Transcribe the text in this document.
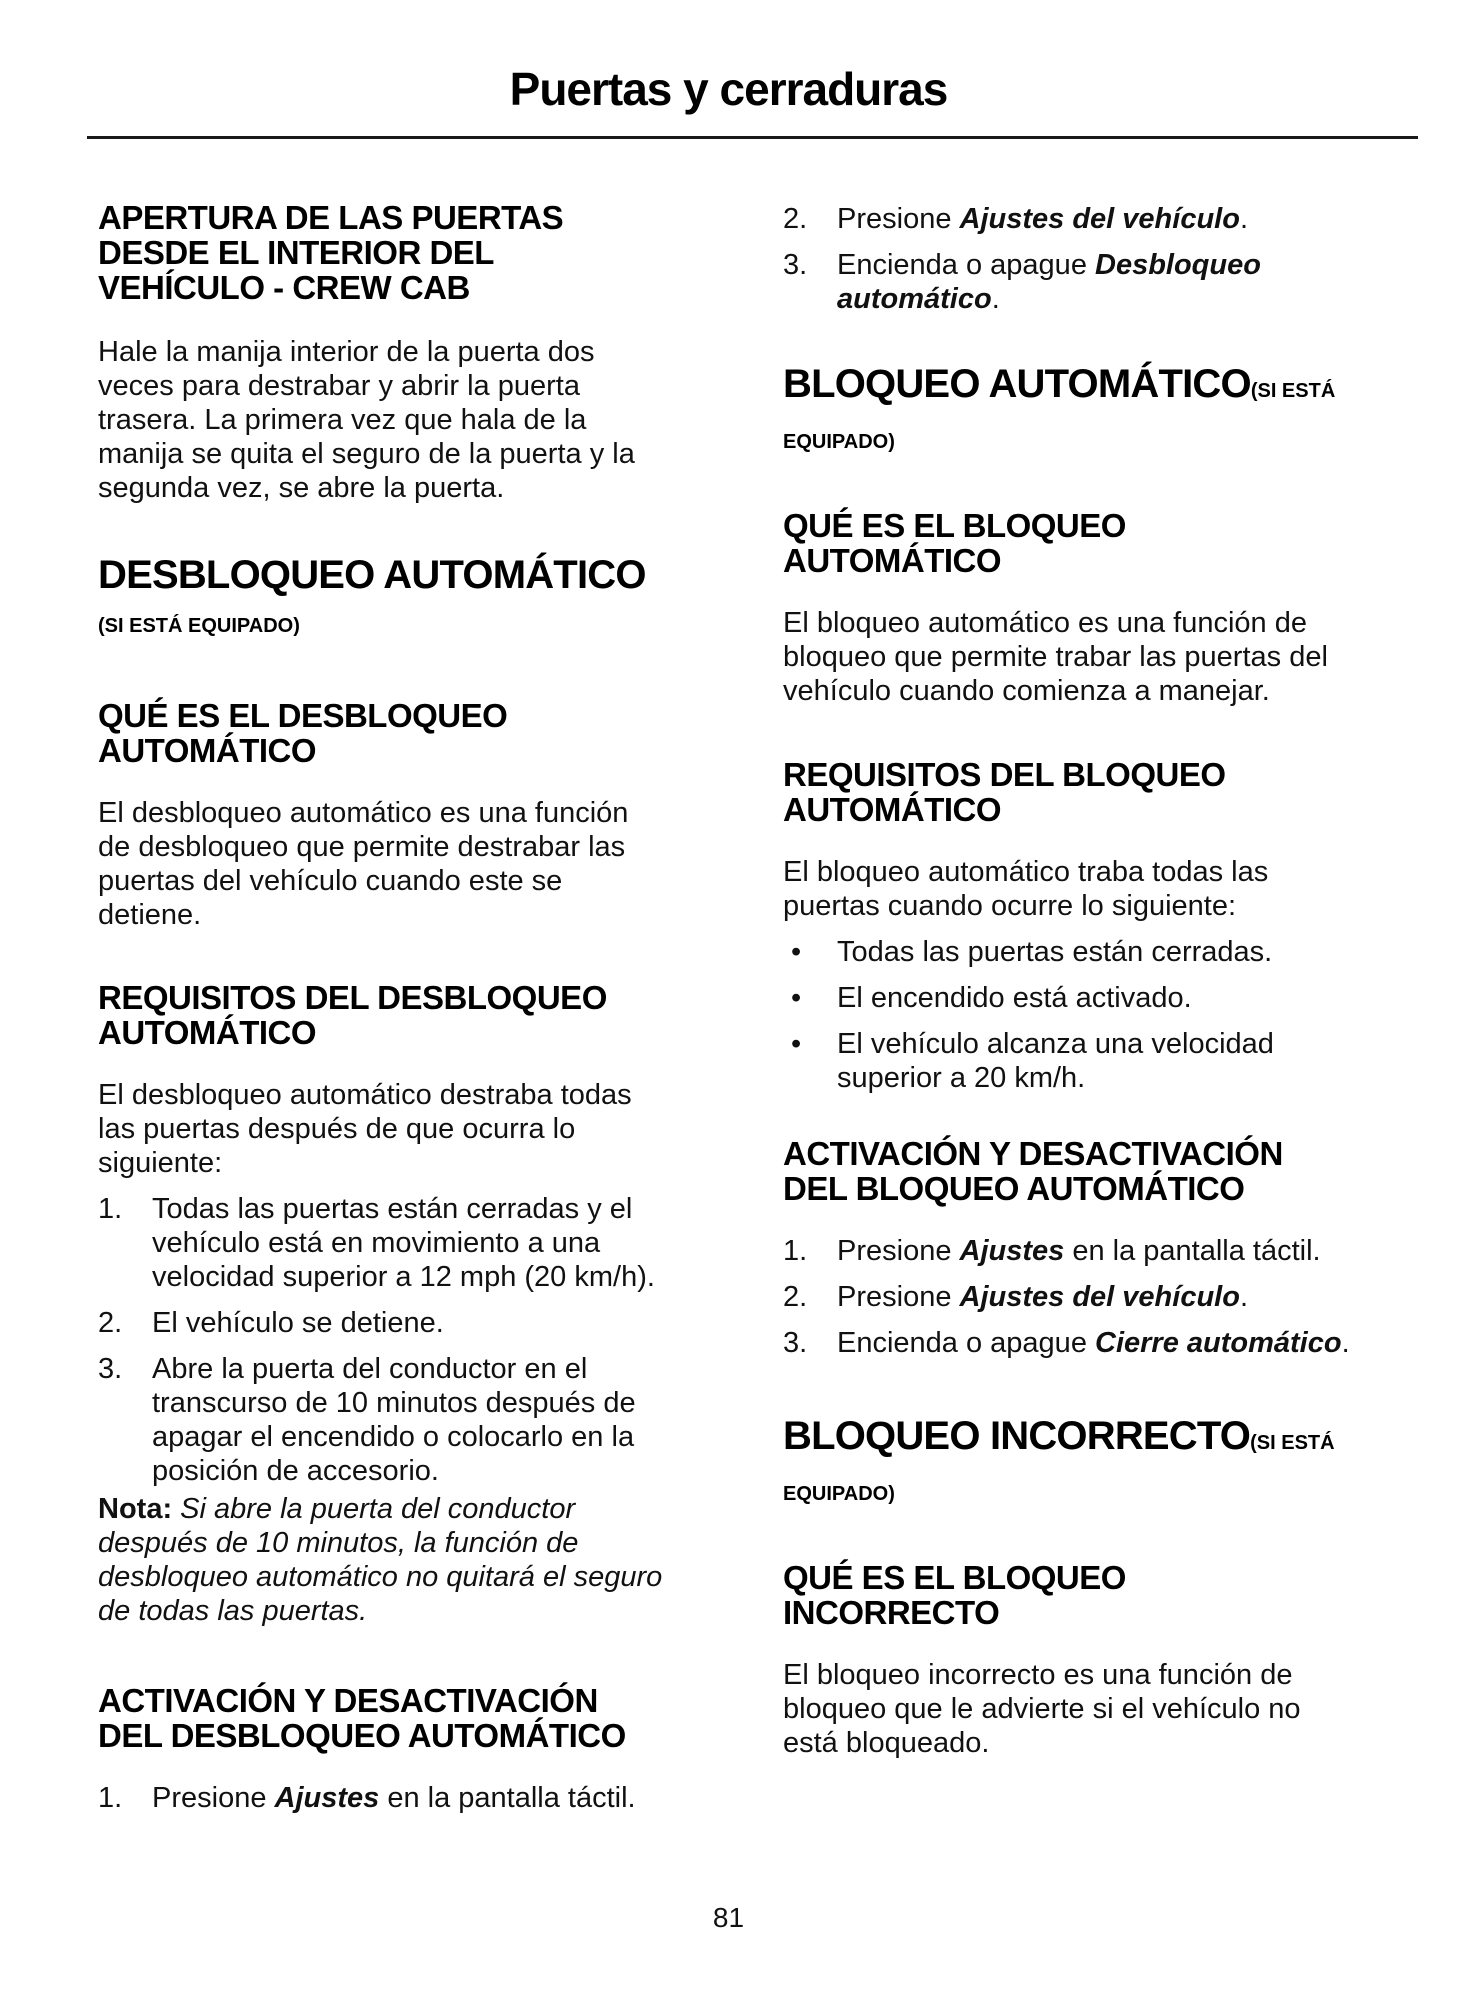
Puertas y cerraduras
APERTURA DE LAS PUERTAS
DESDE EL INTERIOR DEL
VEHÍCULO - CREW CAB

Hale la manija interior de la puerta dos
veces para destrabar y abrir la puerta
trasera. La primera vez que hala de la
manija se quita el seguro de la puerta y la
segunda vez, se abre la puerta.

DESBLOQUEO AUTOMÁTICO
(SI ESTÁ EQUIPADO)
QUÉ ES EL DESBLOQUEO
AUTOMÁTICO

El desbloqueo automático es una función
de desbloqueo que permite destrabar las
puertas del vehículo cuando este se
detiene.

REQUISITOS DEL DESBLOQUEO
AUTOMÁTICO

El desbloqueo automático destraba todas
las puertas después de que ocurra lo
siguiente:

1. Todas las puertas están cerradas y el
vehículo está en movimiento a una
velocidad superior a 12 mph (20 km/h).
2. El vehículo se detiene.
3. Abre la puerta del conductor en el
transcurso de 10 minutos después de
apagar el encendido o colocarlo en la
posición de accesorio.

Nota: Si abre la puerta del conductor
después de 10 minutos, la función de
desbloqueo automático no quitará el seguro
de todas las puertas.

ACTIVACIÓN Y DESACTIVACIÓN
DEL DESBLOQUEO AUTOMÁTICO
1. Presione Ajustes en la pantalla táctil.
2. Presione Ajustes del vehículo.
3. Encienda o apague Desbloqueo
automático.
BLOQUEO AUTOMÁTICO(SI ESTÁ
EQUIPADO)
QUÉ ES EL BLOQUEO
AUTOMÁTICO

El bloqueo automático es una función de
bloqueo que permite trabar las puertas del
vehículo cuando comienza a manejar.

REQUISITOS DEL BLOQUEO
AUTOMÁTICO

El bloqueo automático traba todas las
puertas cuando ocurre lo siguiente:

• Todas las puertas están cerradas.
• El encendido está activado.
• El vehículo alcanza una velocidad
superior a 20 km/h.
ACTIVACIÓN Y DESACTIVACIÓN
DEL BLOQUEO AUTOMÁTICO
1. Presione Ajustes en la pantalla táctil.
2. Presione Ajustes del vehículo.
3. Encienda o apague Cierre automático.
BLOQUEO INCORRECTO(SI ESTÁ
EQUIPADO)
QUÉ ES EL BLOQUEO
INCORRECTO

El bloqueo incorrecto es una función de
bloqueo que le advierte si el vehículo no
está bloqueado.

81
